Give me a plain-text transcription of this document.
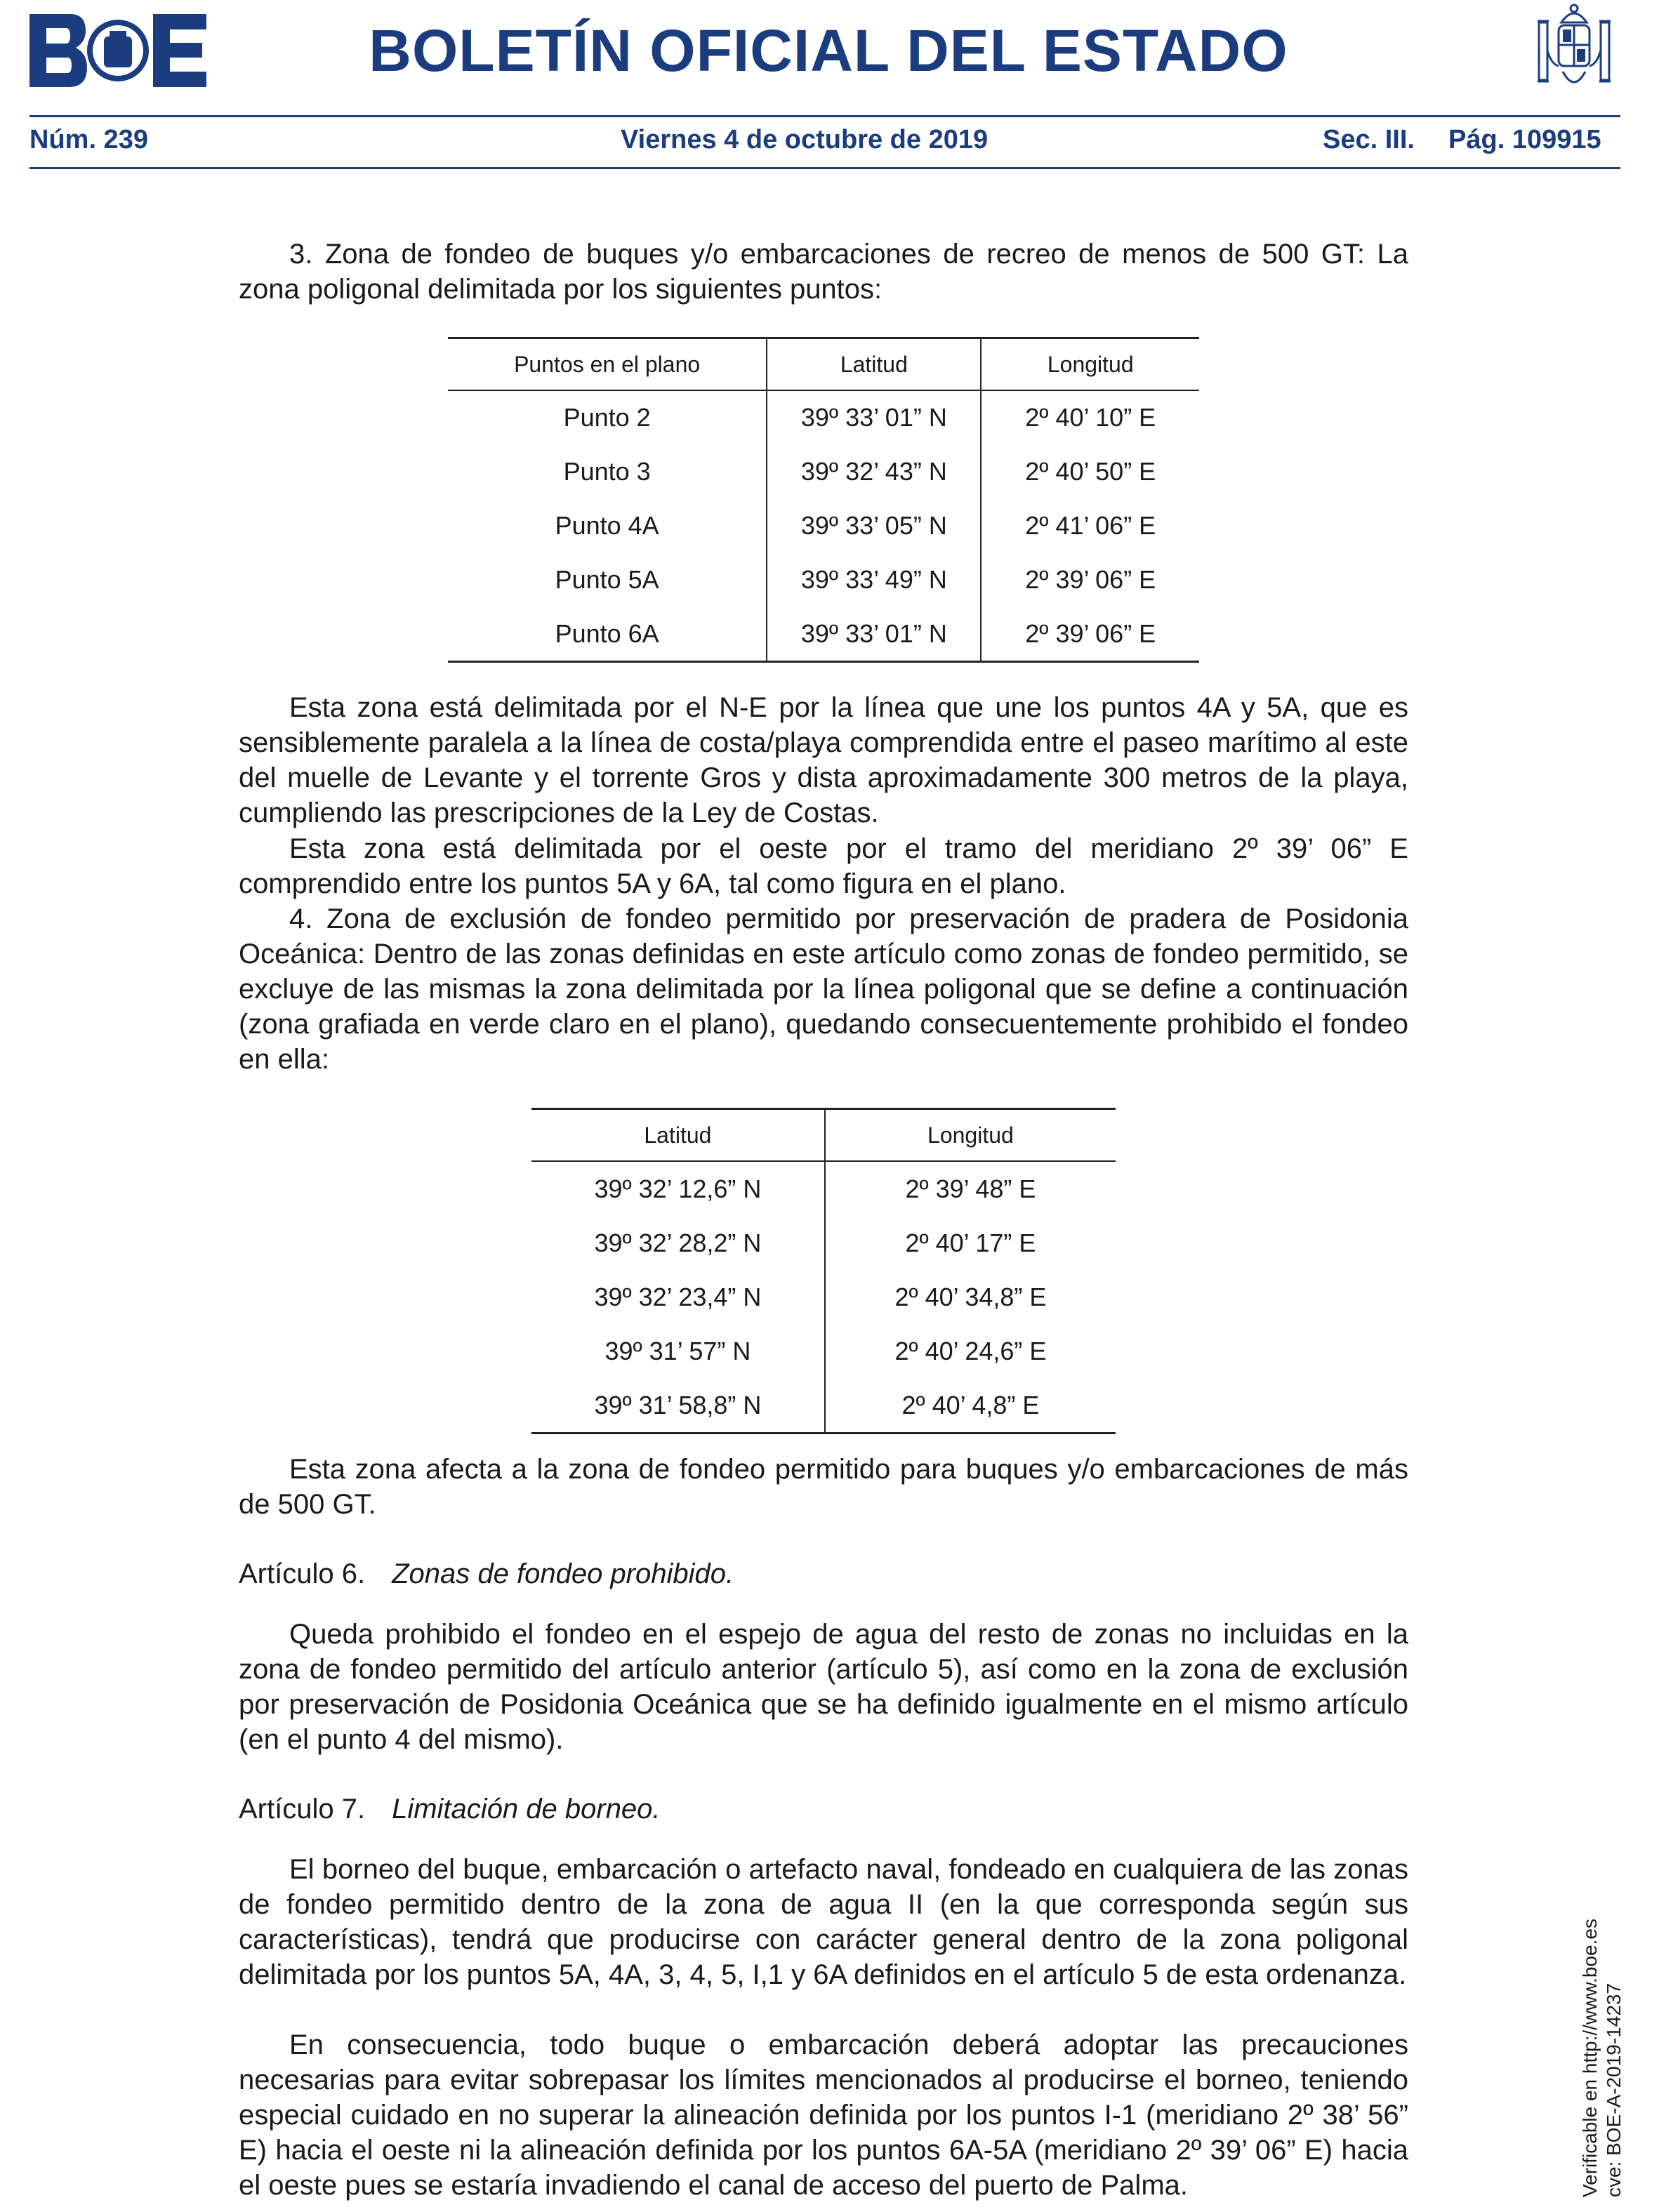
BOLETÍN OFICIAL DEL ESTADO
Núm. 239	Viernes 4 de octubre de 2019	Sec. III. Pág. 109915

3. Zona de fondeo de buques y/o embarcaciones de recreo de menos de 500 GT: La zona poligonal delimitada por los siguientes puntos:

Puntos en el plano	Latitud	Longitud
Punto 2	39º 33’ 01” N	2º 40’ 10” E
Punto 3	39º 32’ 43” N	2º 40’ 50” E
Punto 4A	39º 33’ 05” N	2º 41’ 06” E
Punto 5A	39º 33’ 49” N	2º 39’ 06” E
Punto 6A	39º 33’ 01” N	2º 39’ 06” E

Esta zona está delimitada por el N-E por la línea que une los puntos 4A y 5A, que es sensiblemente paralela a la línea de costa/playa comprendida entre el paseo marítimo al este del muelle de Levante y el torrente Gros y dista aproximadamente 300 metros de la playa, cumpliendo las prescripciones de la Ley de Costas.

Esta zona está delimitada por el oeste por el tramo del meridiano 2º 39’ 06” E comprendido entre los puntos 5A y 6A, tal como figura en el plano.

4. Zona de exclusión de fondeo permitido por preservación de pradera de Posidonia Oceánica: Dentro de las zonas definidas en este artículo como zonas de fondeo permitido, se excluye de las mismas la zona delimitada por la línea poligonal que se define a continuación (zona grafiada en verde claro en el plano), quedando consecuentemente prohibido el fondeo en ella:

Latitud	Longitud
39º 32’ 12,6” N	2º 39’ 48” E
39º 32’ 28,2” N	2º 40’ 17” E
39º 32’ 23,4” N	2º 40’ 34,8” E
39º 31’ 57” N	2º 40’ 24,6” E
39º 31’ 58,8” N	2º 40’ 4,8” E

Esta zona afecta a la zona de fondeo permitido para buques y/o embarcaciones de más de 500 GT.

Artículo 6. Zonas de fondeo prohibido.

Queda prohibido el fondeo en el espejo de agua del resto de zonas no incluidas en la zona de fondeo permitido del artículo anterior (artículo 5), así como en la zona de exclusión por preservación de Posidonia Oceánica que se ha definido igualmente en el mismo artículo (en el punto 4 del mismo).

Artículo 7. Limitación de borneo.

El borneo del buque, embarcación o artefacto naval, fondeado en cualquiera de las zonas de fondeo permitido dentro de la zona de agua II (en la que corresponda según sus características), tendrá que producirse con carácter general dentro de la zona poligonal delimitada por los puntos 5A, 4A, 3, 4, 5, I,1 y 6A definidos en el artículo 5 de esta ordenanza.

En consecuencia, todo buque o embarcación deberá adoptar las precauciones necesarias para evitar sobrepasar los límites mencionados al producirse el borneo, teniendo especial cuidado en no superar la alineación definida por los puntos I-1 (meridiano 2º 38’ 56” E) hacia el oeste ni la alineación definida por los puntos 6A-5A (meridiano 2º 39’ 06” E) hacia el oeste pues se estaría invadiendo el canal de acceso del puerto de Palma.	Verificable en http://www.boe.es cve: BOE-A-2019-14237
